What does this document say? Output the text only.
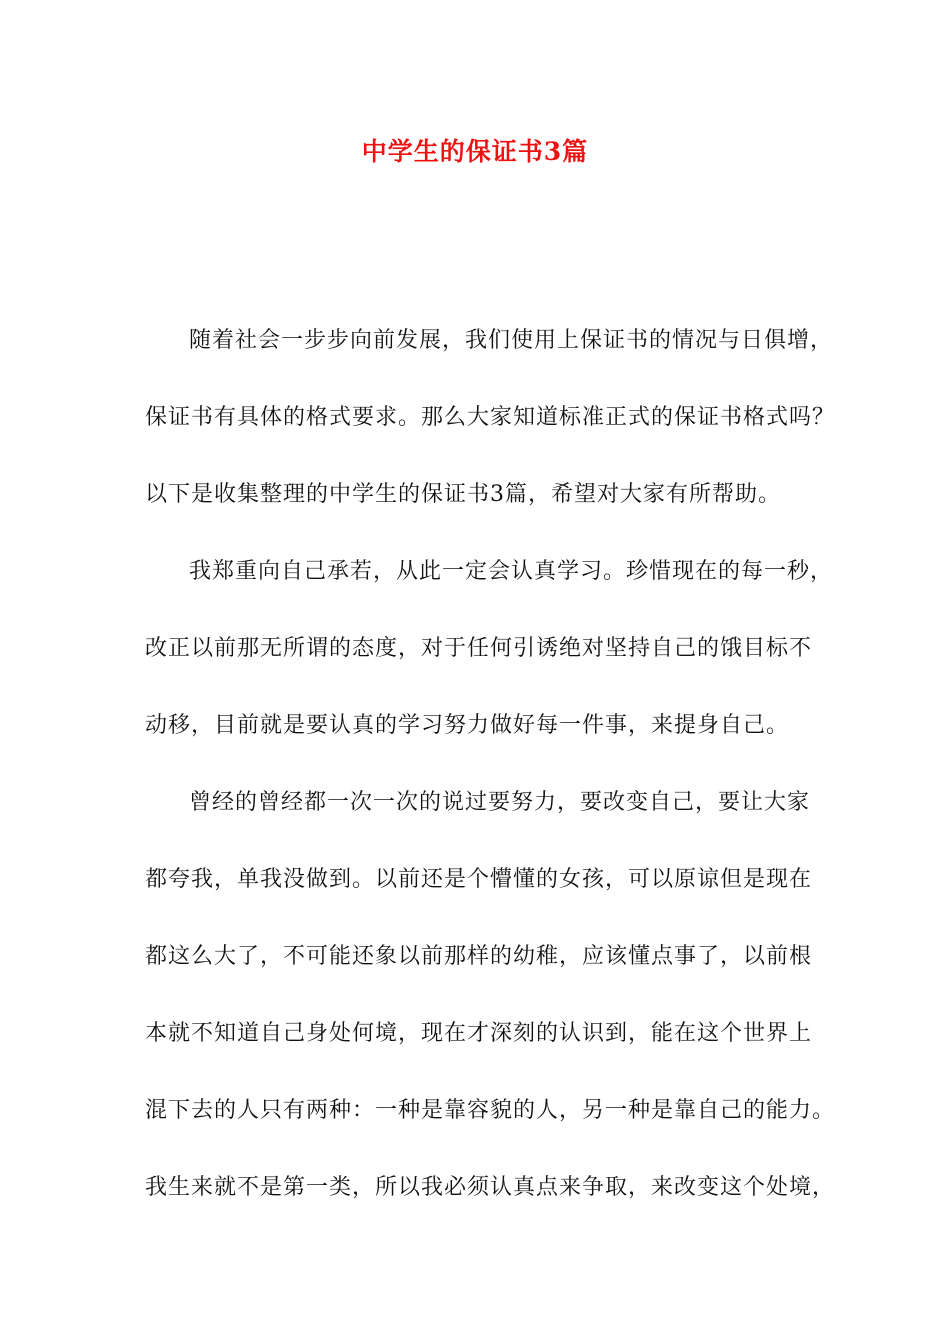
中学生的保证书3篇
随着社会一步步向前发展，我们使用上保证书的情况与日俱增，
保证书有具体的格式要求。那么大家知道标准正式的保证书格式吗？
以下是收集整理的中学生的保证书3篇，希望对大家有所帮助。
我郑重向自己承若，从此一定会认真学习。珍惜现在的每一秒，
改正以前那无所谓的态度，对于任何引诱绝对坚持自己的饿目标不
动移，目前就是要认真的学习努力做好每一件事，来提身自己。
曾经的曾经都一次一次的说过要努力，要改变自己，要让大家
都夸我，单我没做到。以前还是个懵懂的女孩，可以原谅但是现在
都这么大了，不可能还象以前那样的幼稚，应该懂点事了，以前根
本就不知道自己身处何境，现在才深刻的认识到，能在这个世界上
混下去的人只有两种：一种是靠容貌的人，另一种是靠自己的能力。
我生来就不是第一类，所以我必须认真点来争取，来改变这个处境，
